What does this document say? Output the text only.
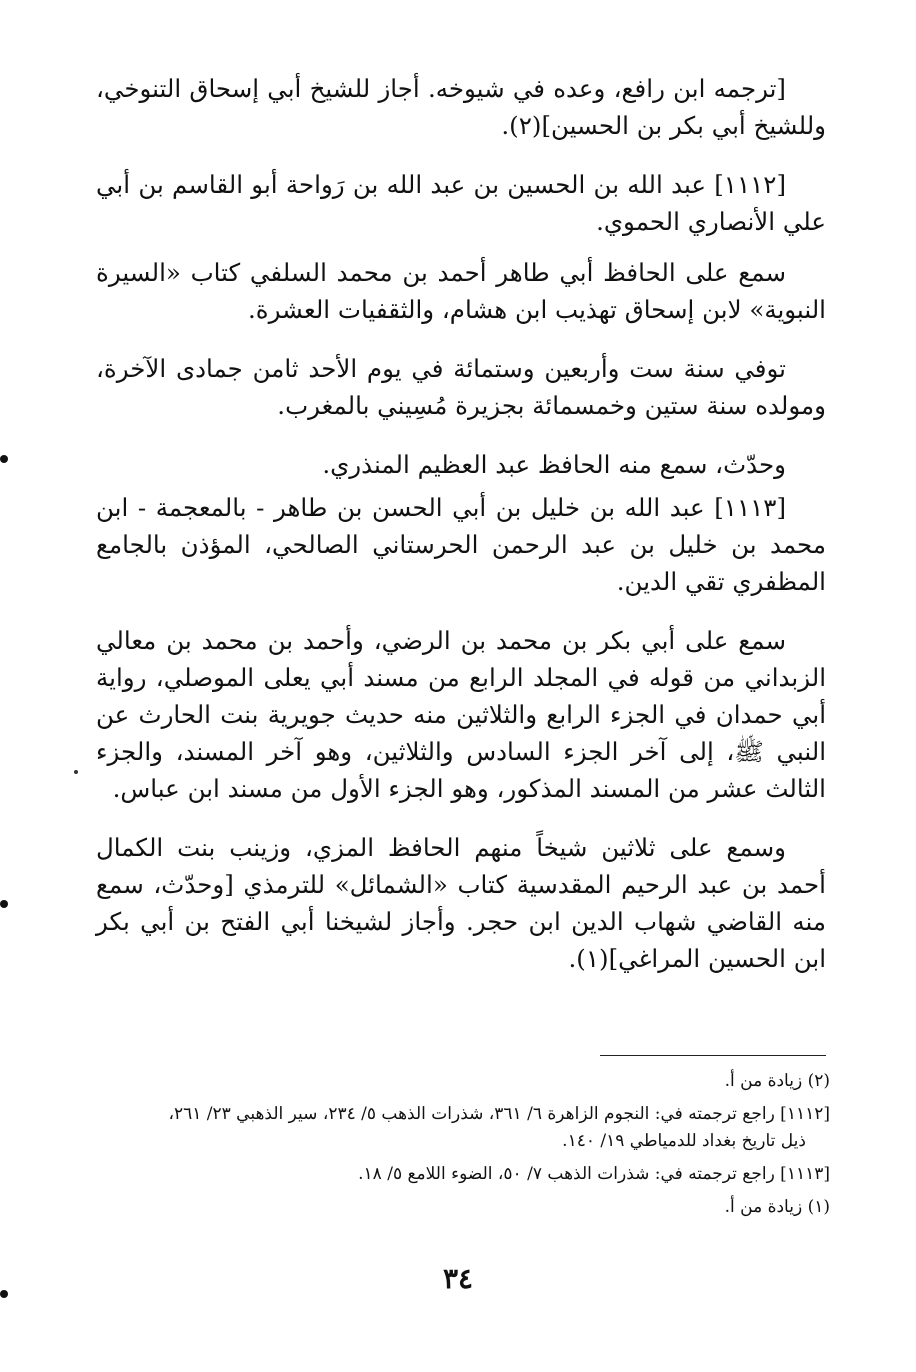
[ترجمه ابن رافع، وعده في شيوخه. أجاز للشيخ أبي إسحاق التنوخي، وللشيخ أبي بكر بن الحسين](٢).

[١١١٢] عبد الله بن الحسين بن عبد الله بن رَواحة أبو القاسم بن أبي علي الأنصاري الحموي.

سمع على الحافظ أبي طاهر أحمد بن محمد السلفي كتاب «السيرة النبوية» لابن إسحاق تهذيب ابن هشام، والثقفيات العشرة.

توفي سنة ست وأربعين وستمائة في يوم الأحد ثامن جمادى الآخرة، ومولده سنة ستين وخمسمائة بجزيرة مُسِيني بالمغرب.

وحدّث، سمع منه الحافظ عبد العظيم المنذري.

[١١١٣] عبد الله بن خليل بن أبي الحسن بن طاهر - بالمعجمة - ابن محمد بن خليل بن عبد الرحمن الحرستاني الصالحي، المؤذن بالجامع المظفري تقي الدين.

سمع على أبي بكر بن محمد بن الرضي، وأحمد بن محمد بن معالي الزبداني من قوله في المجلد الرابع من مسند أبي يعلى الموصلي، رواية أبي حمدان في الجزء الرابع والثلاثين منه حديث جويرية بنت الحارث عن النبي ﷺ، إلى آخر الجزء السادس والثلاثين، وهو آخر المسند، والجزء الثالث عشر من المسند المذكور، وهو الجزء الأول من مسند ابن عباس.

وسمع على ثلاثين شيخاً منهم الحافظ المزي، وزينب بنت الكمال أحمد بن عبد الرحيم المقدسية كتاب «الشمائل» للترمذي [وحدّث، سمع منه القاضي شهاب الدين ابن حجر. وأجاز لشيخنا أبي الفتح بن أبي بكر ابن الحسين المراغي](١).

(٢) زيادة من أ.

[١١١٢] راجع ترجمته في: النجوم الزاهرة ٦/ ٣٦١، شذرات الذهب ٥/ ٢٣٤، سير الذهبي ٢٣/ ٢٦١،

ذيل تاريخ بغداد للدمياطي ١٩/ ١٤٠.

[١١١٣] راجع ترجمته في: شذرات الذهب ٧/ ٥٠، الضوء اللامع ٥/ ١٨.

(١) زيادة من أ.

٣٤
